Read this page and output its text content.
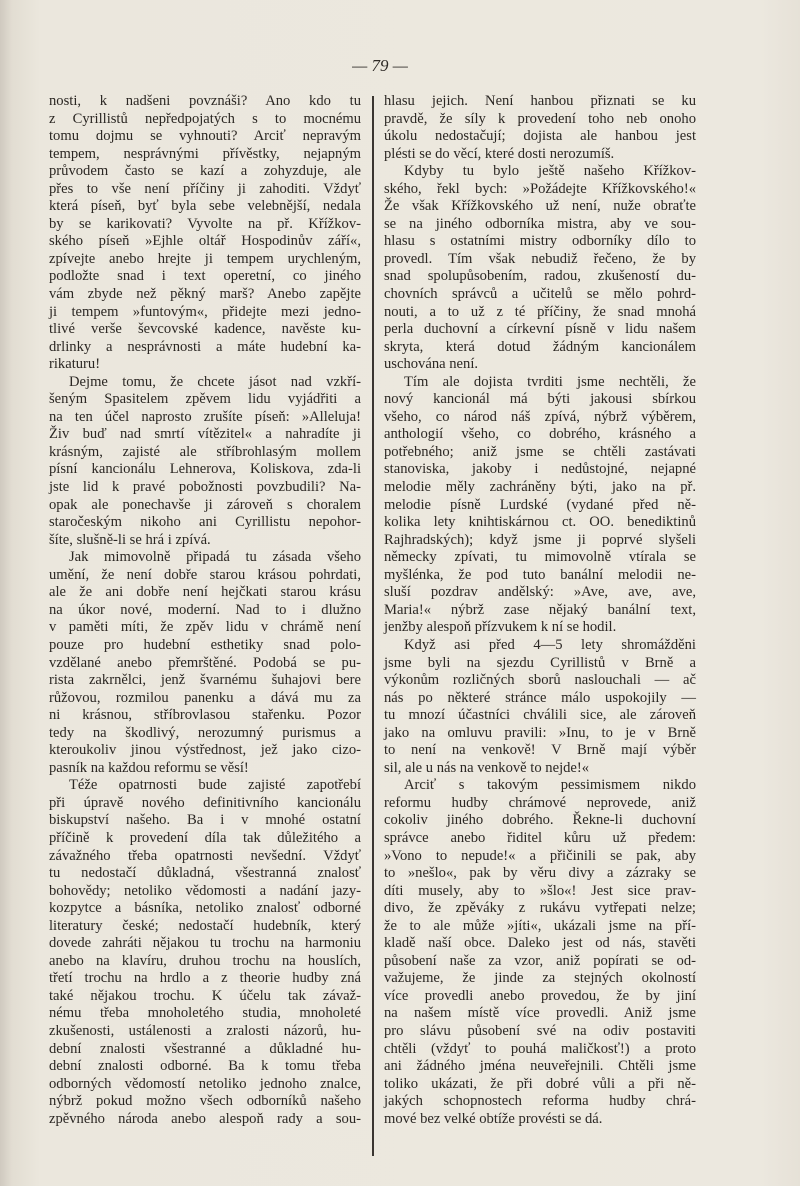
— 79 —
nosti, k nadšeni povznáši? Ano kdo tu
z Cyrillistů nepředpojatých s to mocnému
tomu dojmu se vyhnouti? Arciť nepravým
tempem, nesprávnými přívěstky, nejapným
průvodem často se kazí a zohyzduje, ale
přes to vše není příčiny ji zahoditi. Vždyť
která píseň, byť byla sebe velebnější, nedala
by se karikovati? Vyvolte na př. Křížkov-
ského píseň »Ejhle oltář Hospodinův září«,
zpívejte anebo hrejte ji tempem urychleným,
podložte snad i text operetní, co jiného
vám zbyde než pěkný marš? Anebo zapějte
ji tempem »funtovým«, přidejte mezi jedno-
tlivé verše ševcovské kadence, navěste ku-
drlinky a nesprávnosti a máte hudební ka-
rikaturu!
Dejme tomu, že chcete jásot nad vzkří-
šeným Spasitelem zpěvem lidu vyjádřiti a
na ten účel naprosto zrušíte píseň: »Alleluja!
Živ buď nad smrtí vítězitel« a nahradíte ji
krásným, zajisté ale stříbrohlasým mollem
písní kancionálu Lehnerova, Koliskova, zda-li
jste lid k pravé pobožnosti povzbudili? Na-
opak ale ponechavše ji zároveň s choralem
staročeským nikoho ani Cyrillistu nepohor-
šíte, slušně-li se hrá i zpívá.
Jak mimovolně připadá tu zásada všeho
umění, že není dobře starou krásou pohrdati,
ale že ani dobře není hejčkati starou krásu
na úkor nové, moderní. Nad to i dlužno
v paměti míti, že zpěv lidu v chrámě není
pouze pro hudební esthetiky snad polo-
vzdělané anebo přemrštěné. Podobá se pu-
rista zakrnělci, jenž švarnému šuhajovi bere
růžovou, rozmilou panenku a dává mu za
ni krásnou, stříbrovlasou stařenku. Pozor
tedy na škodlivý, nerozumný purismus a
kteroukoliv jinou výstřednost, jež jako cizo-
pasník na každou reformu se věsí!
Téže opatrnosti bude zajisté zapotřebí
při úpravě nového definitivního kancionálu
biskupství našeho. Ba i v mnohé ostatní
příčině k provedení díla tak důležitého a
závažného třeba opatrnosti nevšední. Vždyť
tu nedostačí důkladná, všestranná znalosť
bohovědy; netoliko vědomosti a nadání jazy-
kozpytce a básníka, netoliko znalosť odborné
literatury české; nedostačí hudebník, který
dovede zahráti nějakou tu trochu na harmoniu
anebo na klavíru, druhou trochu na houslích,
třetí trochu na hrdlo a z theorie hudby zná
také nějakou trochu. K účelu tak závaž-
nému třeba mnoholetého studia, mnoholeté
zkušenosti, ustálenosti a zralosti názorů, hu-
dební znalosti všestranné a důkladné hu-
dební znalosti odborné. Ba k tomu třeba
odborných vědomostí netoliko jednoho znalce,
nýbrž pokud možno všech odborníků našeho
zpěvného národa anebo alespoň rady a sou-
hlasu jejich. Není hanbou přiznati se ku
pravdě, že síly k provedení toho neb onoho
úkolu nedostačují; dojista ale hanbou jest
plésti se do věcí, které dosti nerozumíš.
Kdyby tu bylo ještě našeho Křížkov-
ského, řekl bych: »Požádejte Křížkovského!«
Že však Křížkovského už není, nuže obraťte
se na jiného odborníka mistra, aby ve sou-
hlasu s ostatními mistry odborníky dílo to
provedl. Tím však nebudiž řečeno, že by
snad spolupůsobením, radou, zkušeností du-
chovních správců a učitelů se mělo pohrd-
nouti, a to už z té příčiny, že snad mnohá
perla duchovní a církevní písně v lidu našem
skryta, která dotud žádným kancionálem
uschována není.
Tím ale dojista tvrditi jsme nechtěli, že
nový kancionál má býti jakousi sbírkou
všeho, co národ náš zpívá, nýbrž výběrem,
anthologií všeho, co dobrého, krásného a
potřebného; aniž jsme se chtěli zastávati
stanoviska, jakoby i nedůstojné, nejapné
melodie měly zachráněny býti, jako na př.
melodie písně Lurdské (vydané před ně-
kolika lety knihtiskárnou ct. OO. benediktinů
Rajhradských); když jsme ji poprvé slyšeli
německy zpívati, tu mimovolně vtírala se
myšlénka, že pod tuto banální melodii ne-
sluší pozdrav andělský: »Ave, ave, ave,
Maria!« nýbrž zase nějaký banální text,
jenžby alespoň přízvukem k ní se hodil.
Když asi před 4—5 lety shromážděni
jsme byli na sjezdu Cyrillistů v Brně a
výkonům rozličných sborů naslouchali — ač
nás po některé stránce málo uspokojily —
tu mnozí účastníci chválili sice, ale zároveň
jako na omluvu pravili: »Inu, to je v Brně
to není na venkově! V Brně mají výběr
sil, ale u nás na venkově to nejde!«
Arciť s takovým pessimismem nikdo
reformu hudby chrámové neprovede, aniž
cokoliv jiného dobrého. Řekne-li duchovní
správce anebo řiditel kůru už předem:
»Vono to nepude!« a přičinili se pak, aby
to »nešlo«, pak by věru divy a zázraky se
díti musely, aby to »šlo«! Jest sice prav-
divo, že zpěváky z rukávu vytřepati nelze;
že to ale může »jíti«, ukázali jsme na pří-
kladě naší obce. Daleko jest od nás, stavěti
působení naše za vzor, aniž popírati se od-
važujeme, že jinde za stejných okolností
více provedli anebo provedou, že by jiní
na našem místě více provedli. Aniž jsme
pro slávu působení své na odiv postaviti
chtěli (vždyť to pouhá maličkosť!) a proto
ani žádného jména neuveřejnili. Chtěli jsme
toliko ukázati, že při dobré vůli a při ně-
jakých schopnostech reforma hudby chrá-
mové bez velké obtíže provésti se dá.
